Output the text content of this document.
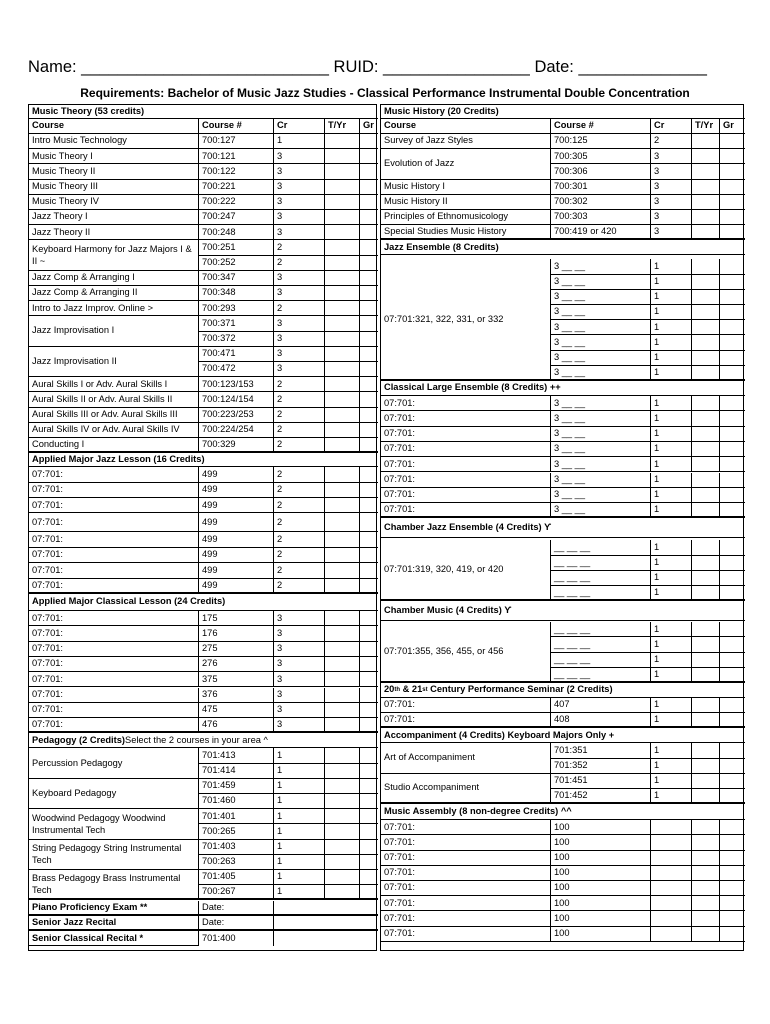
Name: ___________________________ RUID: ________________ Date: ______________
Requirements: Bachelor of Music Jazz Studies - Classical Performance Instrumental Double Concentration
Music Theory (53 credits)
Course	Course #	Cr	T/Yr	Gr
Intro Music Technology	700:127	1
Music Theory I	700:121	3
Music Theory II	700:122	3
Music Theory III	700:221	3
Music Theory IV	700:222	3
Jazz Theory I	700:247	3
Jazz Theory II	700:248	3
Keyboard Harmony for Jazz Majors I & II ~
700:251	2
700:252	2
Jazz Comp & Arranging I	700:347	3
Jazz Comp & Arranging II	700:348	3
Intro to Jazz Improv. Online >	700:293	2
Jazz Improvisation I
700:371	3
700:372	3
Jazz Improvisation II
700:471	3
700:472	3
Aural Skills I or Adv. Aural Skills I	700:123/153	2
Aural Skills II or Adv. Aural Skills II	700:124/154	2
Aural Skills III or Adv. Aural Skills III	700:223/253	2
Aural Skills IV or Adv. Aural Skills IV	700:224/254	2
Conducting I	700:329	2
Applied Major Jazz Lesson (16 Credits)
07:701:	499	2
07:701:	499	2
07:701:	499	2
07:701:	499	2
07:701:	499	2
07:701:	499	2
07:701:	499	2
07:701:	499	2
Applied Major Classical Lesson (24 Credits)
07:701:	175	3
07:701:	176	3
07:701:	275	3
07:701:	276	3
07:701:	375	3
07:701:	376	3
07:701:	475	3
07:701:	476	3
Pedagogy (2 Credits) Select the 2 courses in your area ^
Percussion Pedagogy
701:413	1
701:414	1
Keyboard Pedagogy
701:459	1
701:460	1
Woodwind Pedagogy Woodwind Instrumental Tech
701:401	1
700:265	1
String Pedagogy String Instrumental Tech
701:403	1
700:263	1
Brass Pedagogy Brass Instrumental Tech
701:405	1
700:267	1
Piano Proficiency Exam **	Date:
Senior Jazz Recital	Date:
Senior Classical Recital *	701:400
Music History (20 Credits)
Course	Course #	Cr	T/Yr	Gr
Survey of Jazz Styles	700:125	2
Evolution of Jazz
700:305	3
700:306	3
Music History I	700:301	3
Music History II	700:302	3
Principles of Ethnomusicology	700:303	3
Special Studies Music History	700:419 or 420	3
Jazz Ensemble (8 Credits)
07:701:321, 322, 331, or 332
3 __ __	1
3 __ __	1
3 __ __	1
3 __ __	1
3 __ __	1
3 __ __	1
3 __ __	1
3 __ __	1
Classical Large Ensemble (8 Credits) ++
07:701:	3 __ __	1
07:701:	3 __ __	1
07:701:	3 __ __	1
07:701:	3 __ __	1
07:701:	3 __ __	1
07:701:	3 __ __	1
07:701:	3 __ __	1
07:701:	3 __ __	1
Chamber Jazz Ensemble (4 Credits) ϒ
07:701:319, 320, 419, or 420
__ __ __	1
__ __ __	1
__ __ __	1
__ __ __	1
Chamber Music (4 Credits) ϒ
07:701:355, 356, 455, or 456
__ __ __	1
__ __ __	1
__ __ __	1
__ __ __	1
20 th & 21 st Century Performance Seminar (2 Credits)
07:701:	407	1
07:701:	408	1
Accompaniment (4 Credits) Keyboard Majors Only +
Art of Accompaniment
701:351	1
701:352	1
Studio Accompaniment
701:451	1
701:452	1
Music Assembly (8 non-degree Credits) ^^
07:701:	100
07:701:	100
07:701:	100
07:701:	100
07:701:	100
07:701:	100
07:701:	100
07:701:	100
